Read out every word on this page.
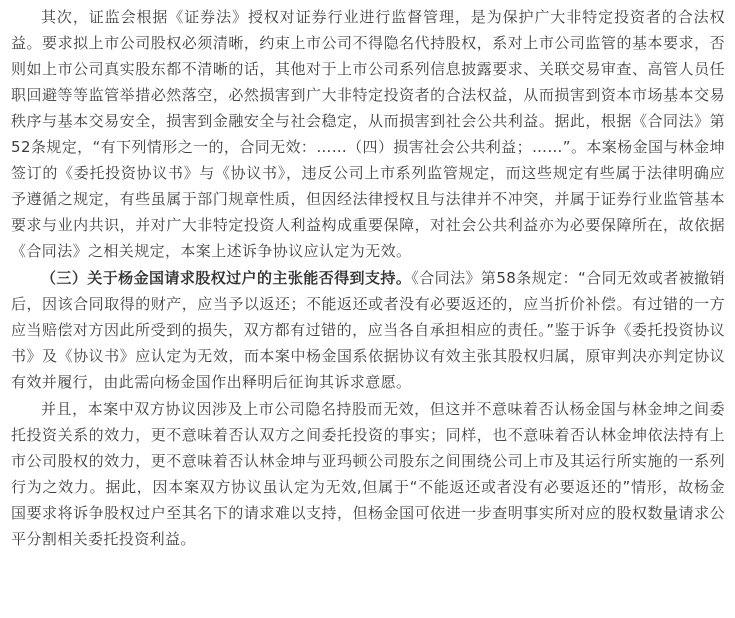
其次，证监会根据《证券法》授权对证券行业进行监督管理，是为保护广大非特定投资者的合法权益。要求拟上市公司股权必须清晰，约束上市公司不得隐名代持股权，系对上市公司监管的基本要求，否则如上市公司真实股东都不清晰的话，其他对于上市公司系列信息披露要求、关联交易审查、高管人员任职回避等等监管举措必然落空，必然损害到广大非特定投资者的合法权益，从而损害到资本市场基本交易秩序与基本交易安全，损害到金融安全与社会稳定，从而损害到社会公共利益。据此，根据《合同法》第52条规定，“有下列情形之一的，合同无效：……（四）损害社会公共利益；……”。本案杨金国与林金坤签订的《委托投资协议书》与《协议书》，违反公司上市系列监管规定，而这些规定有些属于法律明确应予遵循之规定，有些虽属于部门规章性质，但因经法律授权且与法律并不冲突，并属于证券行业监管基本要求与业内共识，并对广大非特定投资人利益构成重要保障，对社会公共利益亦为必要保障所在，故依据《合同法》之相关规定，本案上述诉争协议应认定为无效。

（三）关于杨金国请求股权过户的主张能否得到支持。《合同法》第58条规定：“合同无效或者被撤销后，因该合同取得的财产，应当予以返还；不能返还或者没有必要返还的，应当折价补偿。有过错的一方应当赔偿对方因此所受到的损失，双方都有过错的，应当各自承担相应的责任。”鉴于诉争《委托投资协议书》及《协议书》应认定为无效，而本案中杨金国系依据协议有效主张其股权归属，原审判决亦判定协议有效并履行，由此需向杨金国作出释明后征询其诉求意愿。

并且，本案中双方协议因涉及上市公司隐名持股而无效，但这并不意味着否认杨金国与林金坤之间委托投资关系的效力，更不意味着否认双方之间委托投资的事实；同样，也不意味着否认林金坤依法持有上市公司股权的效力，更不意味着否认林金坤与亚玛顿公司股东之间围绕公司上市及其运行所实施的一系列行为之效力。据此，因本案双方协议虽认定为无效,但属于“不能返还或者没有必要返还的”情形，故杨金国要求将诉争股权过户至其名下的请求难以支持，但杨金国可依进一步查明事实所对应的股权数量请求公平分割相关委托投资利益。
